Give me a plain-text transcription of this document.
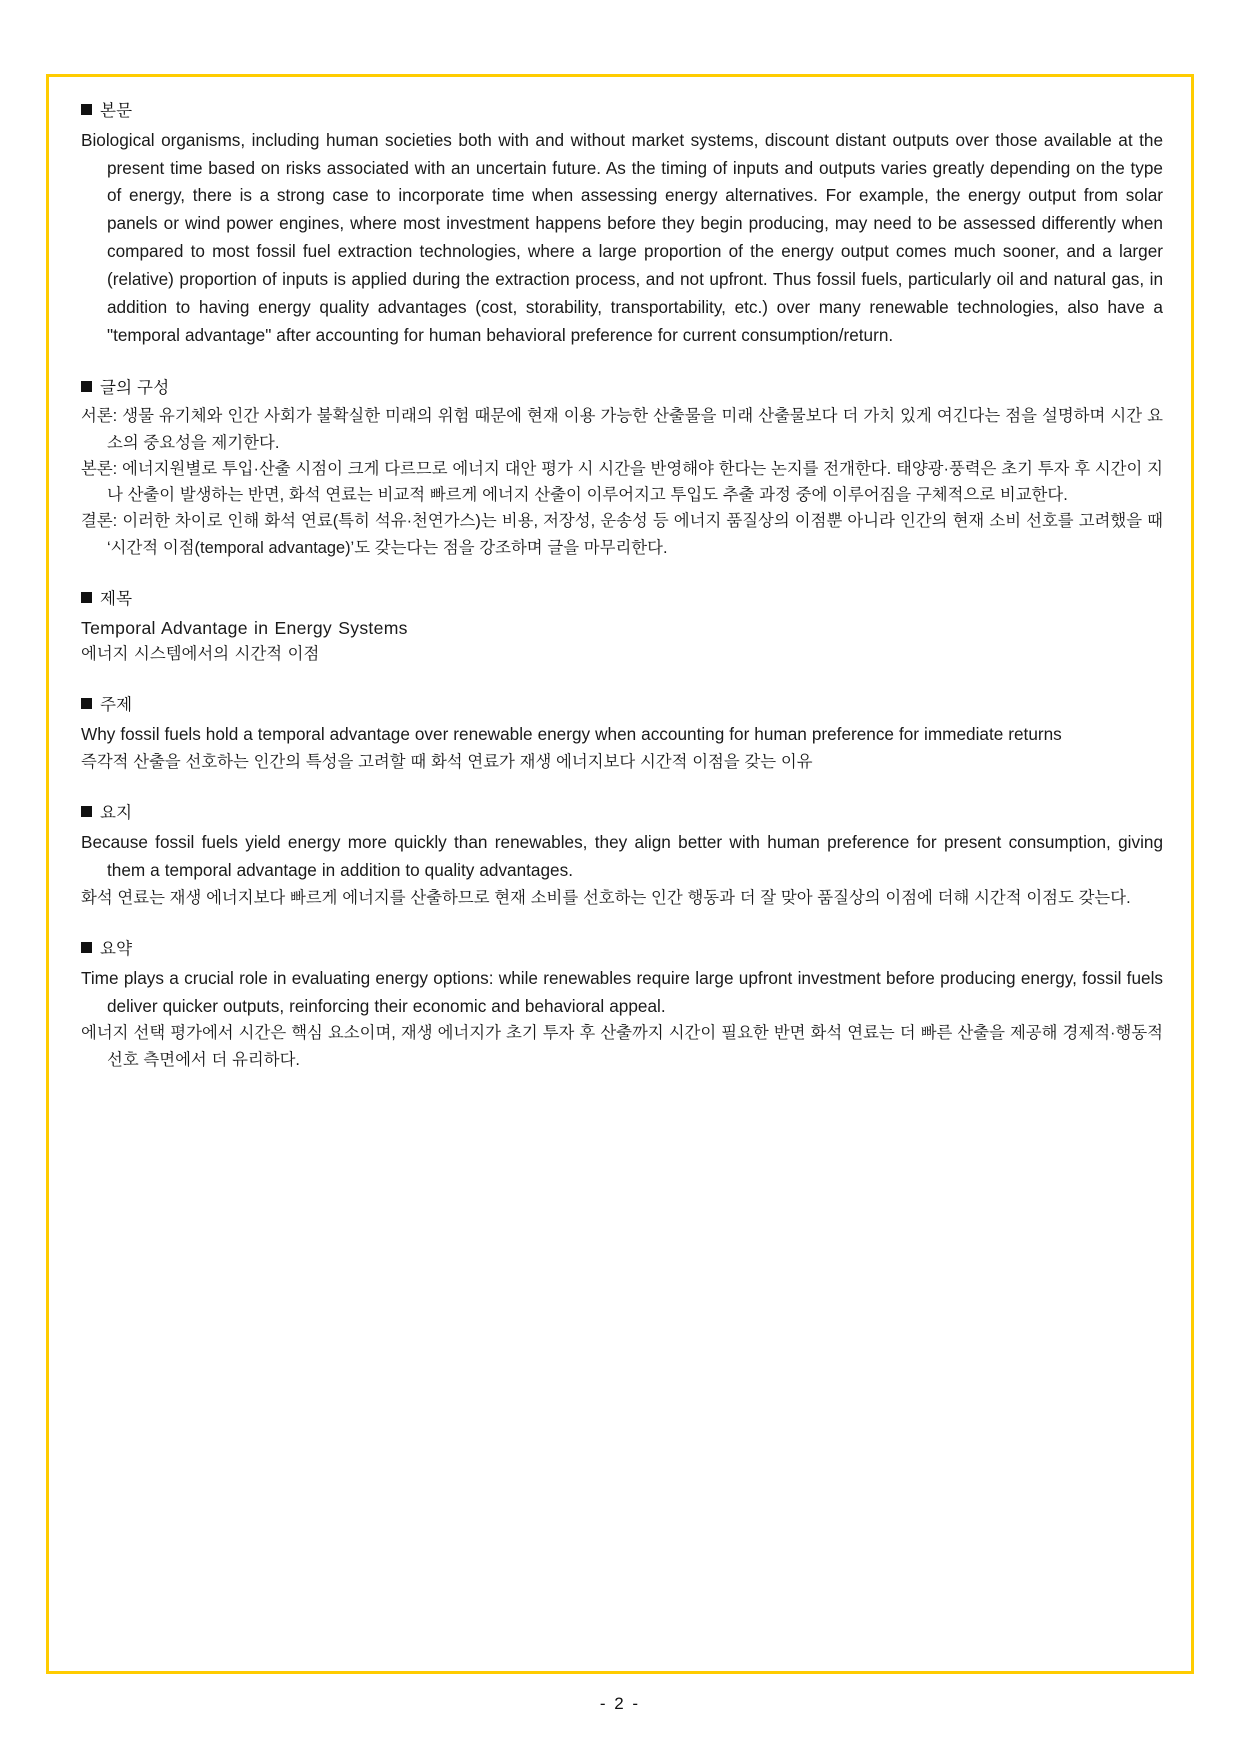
본문

Biological organisms, including human societies both with and without market systems, discount distant outputs over those available at the present time based on risks associated with an uncertain future. As the timing of inputs and outputs varies greatly depending on the type of energy, there is a strong case to incorporate time when assessing energy alternatives. For example, the energy output from solar panels or wind power engines, where most investment happens before they begin producing, may need to be assessed differently when compared to most fossil fuel extraction technologies, where a large proportion of the energy output comes much sooner, and a larger (relative) proportion of inputs is applied during the extraction process, and not upfront. Thus fossil fuels, particularly oil and natural gas, in addition to having energy quality advantages (cost, storability, transportability, etc.) over many renewable technologies, also have a "temporal advantage" after accounting for human behavioral preference for current consumption/return.

글의 구성

서론: 생물 유기체와 인간 사회가 불확실한 미래의 위험 때문에 현재 이용 가능한 산출물을 미래 산출물보다 더 가치 있게 여긴다는 점을 설명하며 시간 요소의 중요성을 제기한다.

본론: 에너지원별로 투입·산출 시점이 크게 다르므로 에너지 대안 평가 시 시간을 반영해야 한다는 논지를 전개한다. 태양광·풍력은 초기 투자 후 시간이 지나 산출이 발생하는 반면, 화석 연료는 비교적 빠르게 에너지 산출이 이루어지고 투입도 추출 과정 중에 이루어짐을 구체적으로 비교한다.

결론: 이러한 차이로 인해 화석 연료(특히 석유·천연가스)는 비용, 저장성, 운송성 등 에너지 품질상의 이점뿐 아니라 인간의 현재 소비 선호를 고려했을 때 ‘시간적 이점(temporal advantage)’도 갖는다는 점을 강조하며 글을 마무리한다.

제목

Temporal Advantage in Energy Systems

에너지 시스템에서의 시간적 이점

주제

Why fossil fuels hold a temporal advantage over renewable energy when accounting for human preference for immediate returns

즉각적 산출을 선호하는 인간의 특성을 고려할 때 화석 연료가 재생 에너지보다 시간적 이점을 갖는 이유

요지

Because fossil fuels yield energy more quickly than renewables, they align better with human preference for present consumption, giving them a temporal advantage in addition to quality advantages.

화석 연료는 재생 에너지보다 빠르게 에너지를 산출하므로 현재 소비를 선호하는 인간 행동과 더 잘 맞아 품질상의 이점에 더해 시간적 이점도 갖는다.

요약

Time plays a crucial role in evaluating energy options: while renewables require large upfront investment before producing energy, fossil fuels deliver quicker outputs, reinforcing their economic and behavioral appeal.

에너지 선택 평가에서 시간은 핵심 요소이며, 재생 에너지가 초기 투자 후 산출까지 시간이 필요한 반면 화석 연료는 더 빠른 산출을 제공해 경제적·행동적 선호 측면에서 더 유리하다.

- 2 -
